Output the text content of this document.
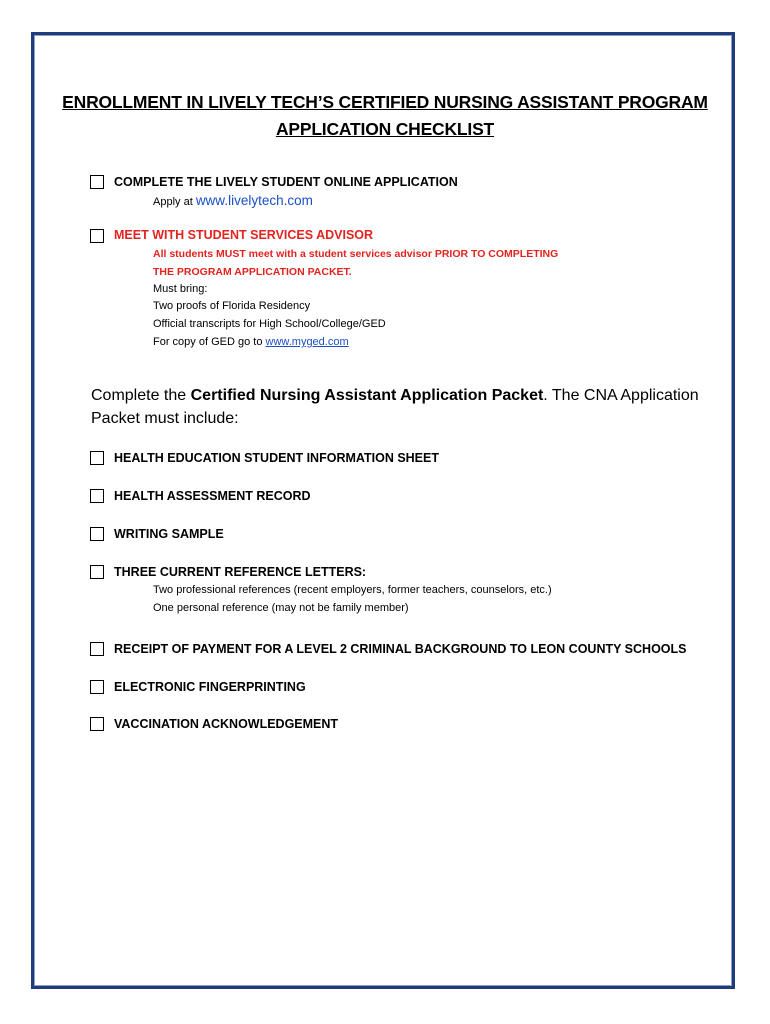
ENROLLMENT IN LIVELY TECH’S CERTIFIED NURSING ASSISTANT PROGRAM
APPLICATION CHECKLIST
COMPLETE THE LIVELY STUDENT ONLINE APPLICATION
Apply at www.livelytech.com
MEET WITH STUDENT SERVICES ADVISOR
All students MUST meet with a student services advisor PRIOR TO COMPLETING
THE PROGRAM APPLICATION PACKET.
Must bring:
Two proofs of Florida Residency
Official transcripts for High School/College/GED
For copy of GED go to www.myged.com
Complete the Certified Nursing Assistant Application Packet. The CNA Application Packet must include:
HEALTH EDUCATION STUDENT INFORMATION SHEET
HEALTH ASSESSMENT RECORD
WRITING SAMPLE
THREE CURRENT REFERENCE LETTERS:
Two professional references (recent employers, former teachers, counselors, etc.)
One personal reference (may not be family member)
RECEIPT OF PAYMENT FOR A LEVEL 2 CRIMINAL BACKGROUND TO LEON COUNTY SCHOOLS
ELECTRONIC FINGERPRINTING
VACCINATION ACKNOWLEDGEMENT
